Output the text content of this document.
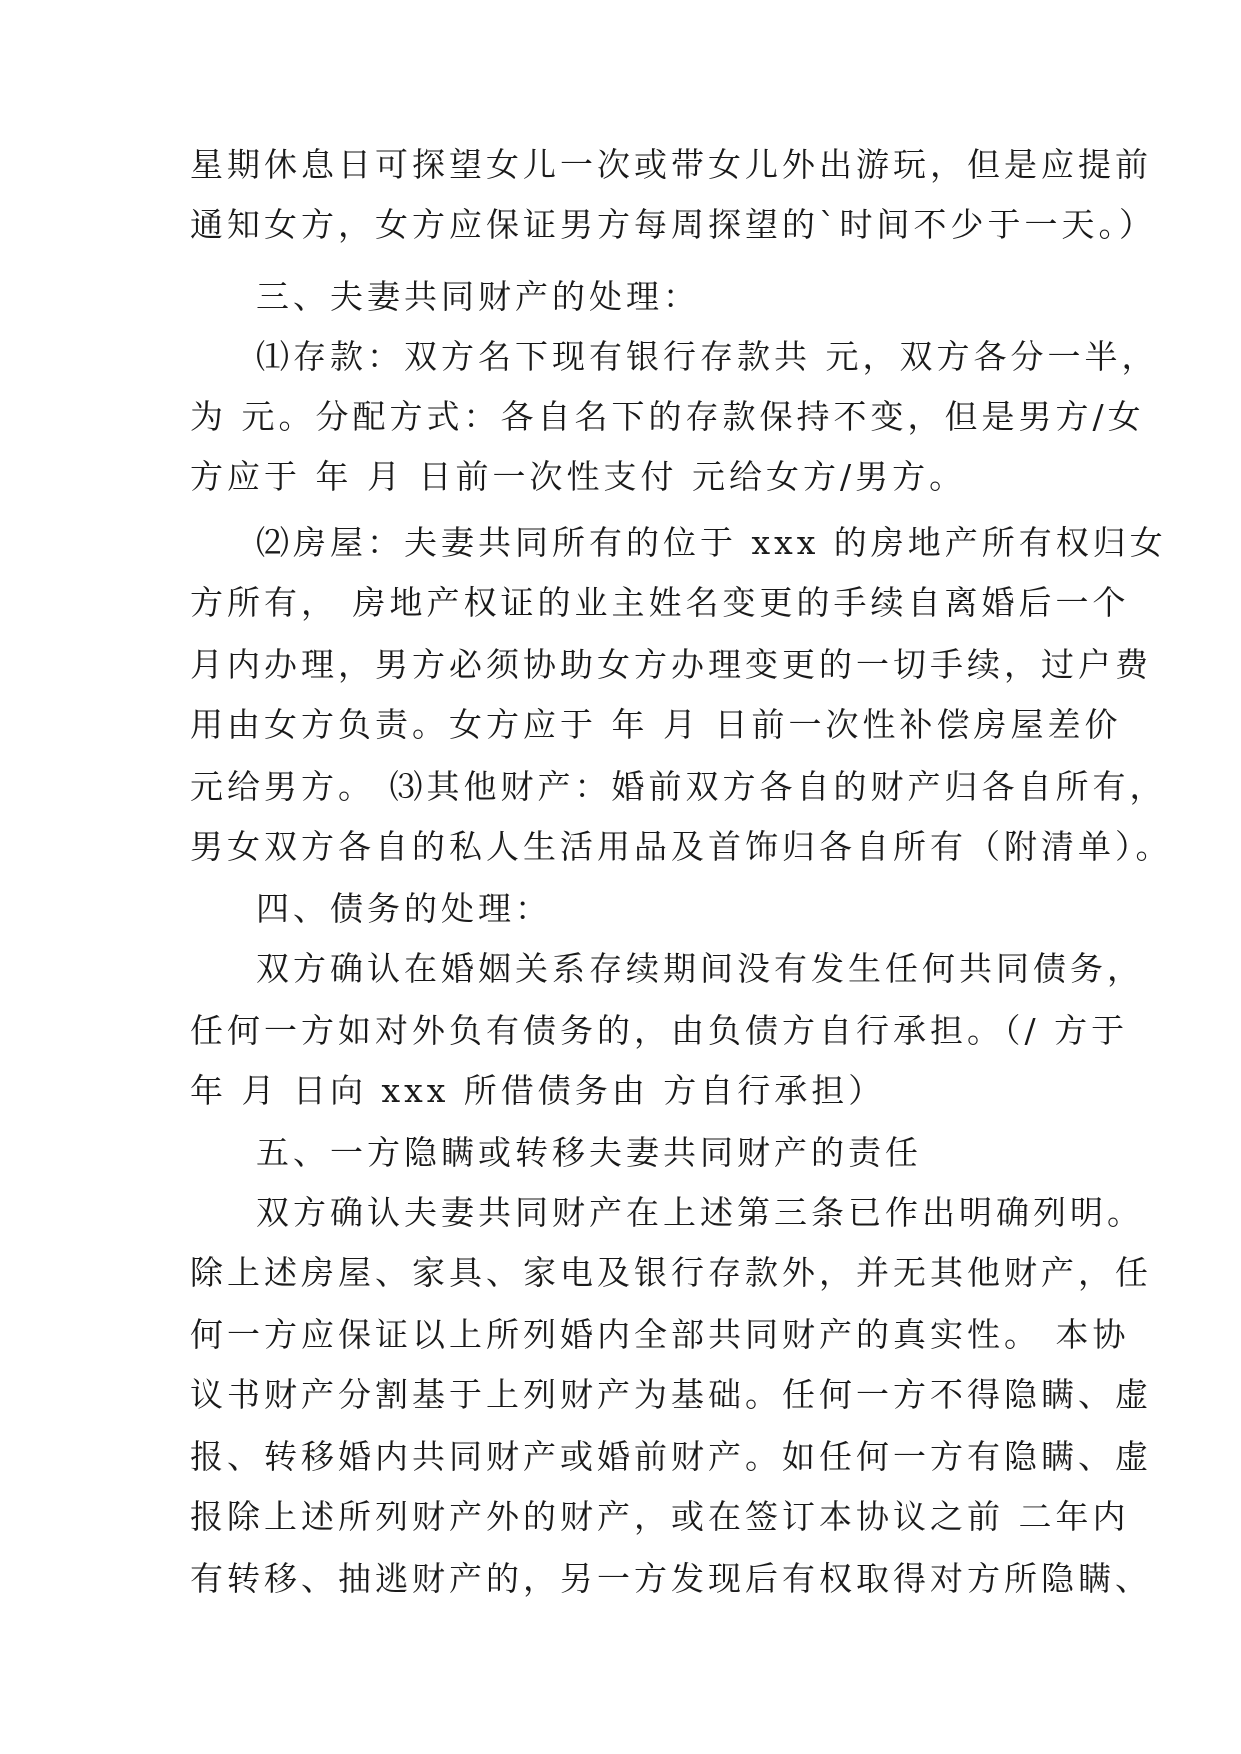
星期休息日可探望女儿一次或带女儿外出游玩，但是应提前
通知女方，女方应保证男方每周探望的`时间不少于一天。）
三、夫妻共同财产的处理：
⑴存款：双方名下现有银行存款共 元，双方各分一半，
为 元。分配方式：各自名下的存款保持不变，但是男方/女
方应于 年 月 日前一次性支付 元给女方/男方。
⑵房屋：夫妻共同所有的位于 xxx 的房地产所有权归女
方所有， 房地产权证的业主姓名变更的手续自离婚后一个
月内办理，男方必须协助女方办理变更的一切手续，过户费
用由女方负责。女方应于 年 月 日前一次性补偿房屋差价
元给男方。 ⑶其他财产：婚前双方各自的财产归各自所有，
男女双方各自的私人生活用品及首饰归各自所有（附清单）。
四、债务的处理：
双方确认在婚姻关系存续期间没有发生任何共同债务，
任何一方如对外负有债务的，由负债方自行承担。（/ 方于
年 月 日向 xxx 所借债务由 方自行承担）
五、一方隐瞒或转移夫妻共同财产的责任
双方确认夫妻共同财产在上述第三条已作出明确列明。
除上述房屋、家具、家电及银行存款外，并无其他财产，任
何一方应保证以上所列婚内全部共同财产的真实性。 本协
议书财产分割基于上列财产为基础。任何一方不得隐瞒、虚
报、转移婚内共同财产或婚前财产。如任何一方有隐瞒、虚
报除上述所列财产外的财产，或在签订本协议之前 二年内
有转移、抽逃财产的，另一方发现后有权取得对方所隐瞒、
